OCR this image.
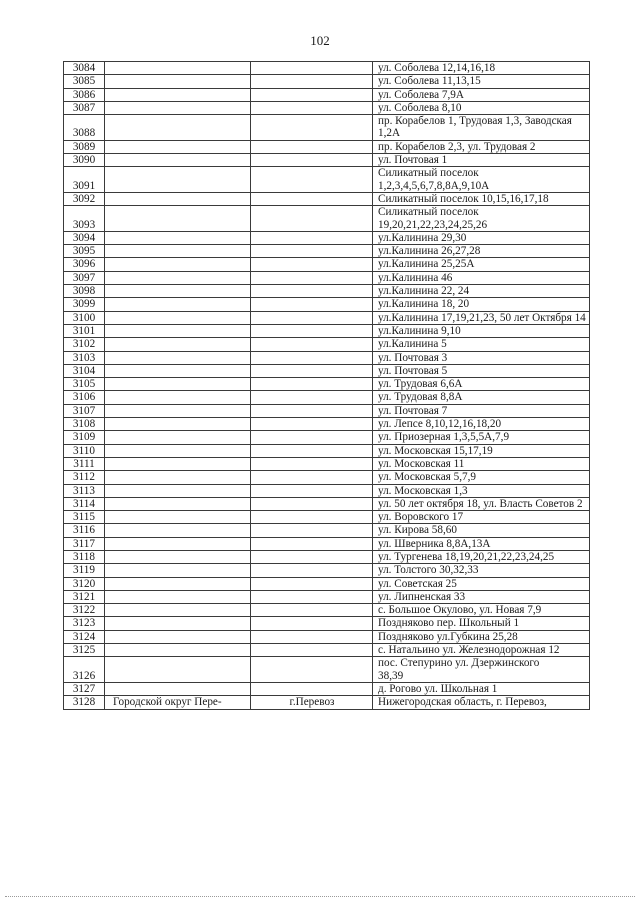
102
3084			ул. Соболева 12,14,16,18
3085			ул. Соболева 11,13,15
3086			ул. Соболева 7,9А
3087			ул. Соболева 8,10
3088			пр. Корабелов 1, Трудовая 1,3, Заводская 1,2А

3089			пр. Корабелов 2,3, ул. Трудовая 2
3090			ул. Почтовая 1
3091			Силикатный поселок
1,2,3,4,5,6,7,8,8А,9,10А

3092			Силикатный поселок 10,15,16,17,18
3093			Силикатный поселок
19,20,21,22,23,24,25,26

3094			ул.Калинина 29,30
3095			ул.Калинина 26,27,28
3096			ул.Калинина 25,25А
3097			ул.Калинина 46
3098			ул.Калинина 22, 24
3099			ул.Калинина 18, 20
3100			ул.Калинина 17,19,21,23, 50 лет Октября 14

3101			ул.Калинина 9,10
3102			ул.Калинина 5
3103			ул. Почтовая 3
3104			ул. Почтовая 5
3105			ул. Трудовая 6,6А
3106			ул. Трудовая 8,8А
3107			ул. Почтовая 7
3108			ул. Лепсе 8,10,12,16,18,20
3109			ул. Приозерная 1,3,5,5А,7,9
3110			ул. Московская 15,17,19
3111			ул. Московская 11
3112			ул. Московская 5,7,9
3113			ул. Московская 1,3
3114			ул. 50 лет октября 18, ул. Власть Советов 2

3115			ул. Воровского 17
3116			ул. Кирова 58,60
3117			ул. Шверника 8,8А,13А
3118			ул. Тургенева 18,19,20,21,22,23,24,25
3119			ул. Толстого 30,32,33
3120			ул. Советская 25
3121			ул. Липненская 33
3122			с. Большое Окулово, ул. Новая 7,9
3123			Поздняково пер. Школьный 1
3124			Поздняково ул.Губкина 25,28
3125			с. Натальино ул. Железнодорожная 12
3126			пос. Степурино ул. Дзержинского
38,39

3127			д. Рогово ул. Школьная 1
3128	Городской округ Пере-	г.Перевоз	Нижегородская область, г. Перевоз,
